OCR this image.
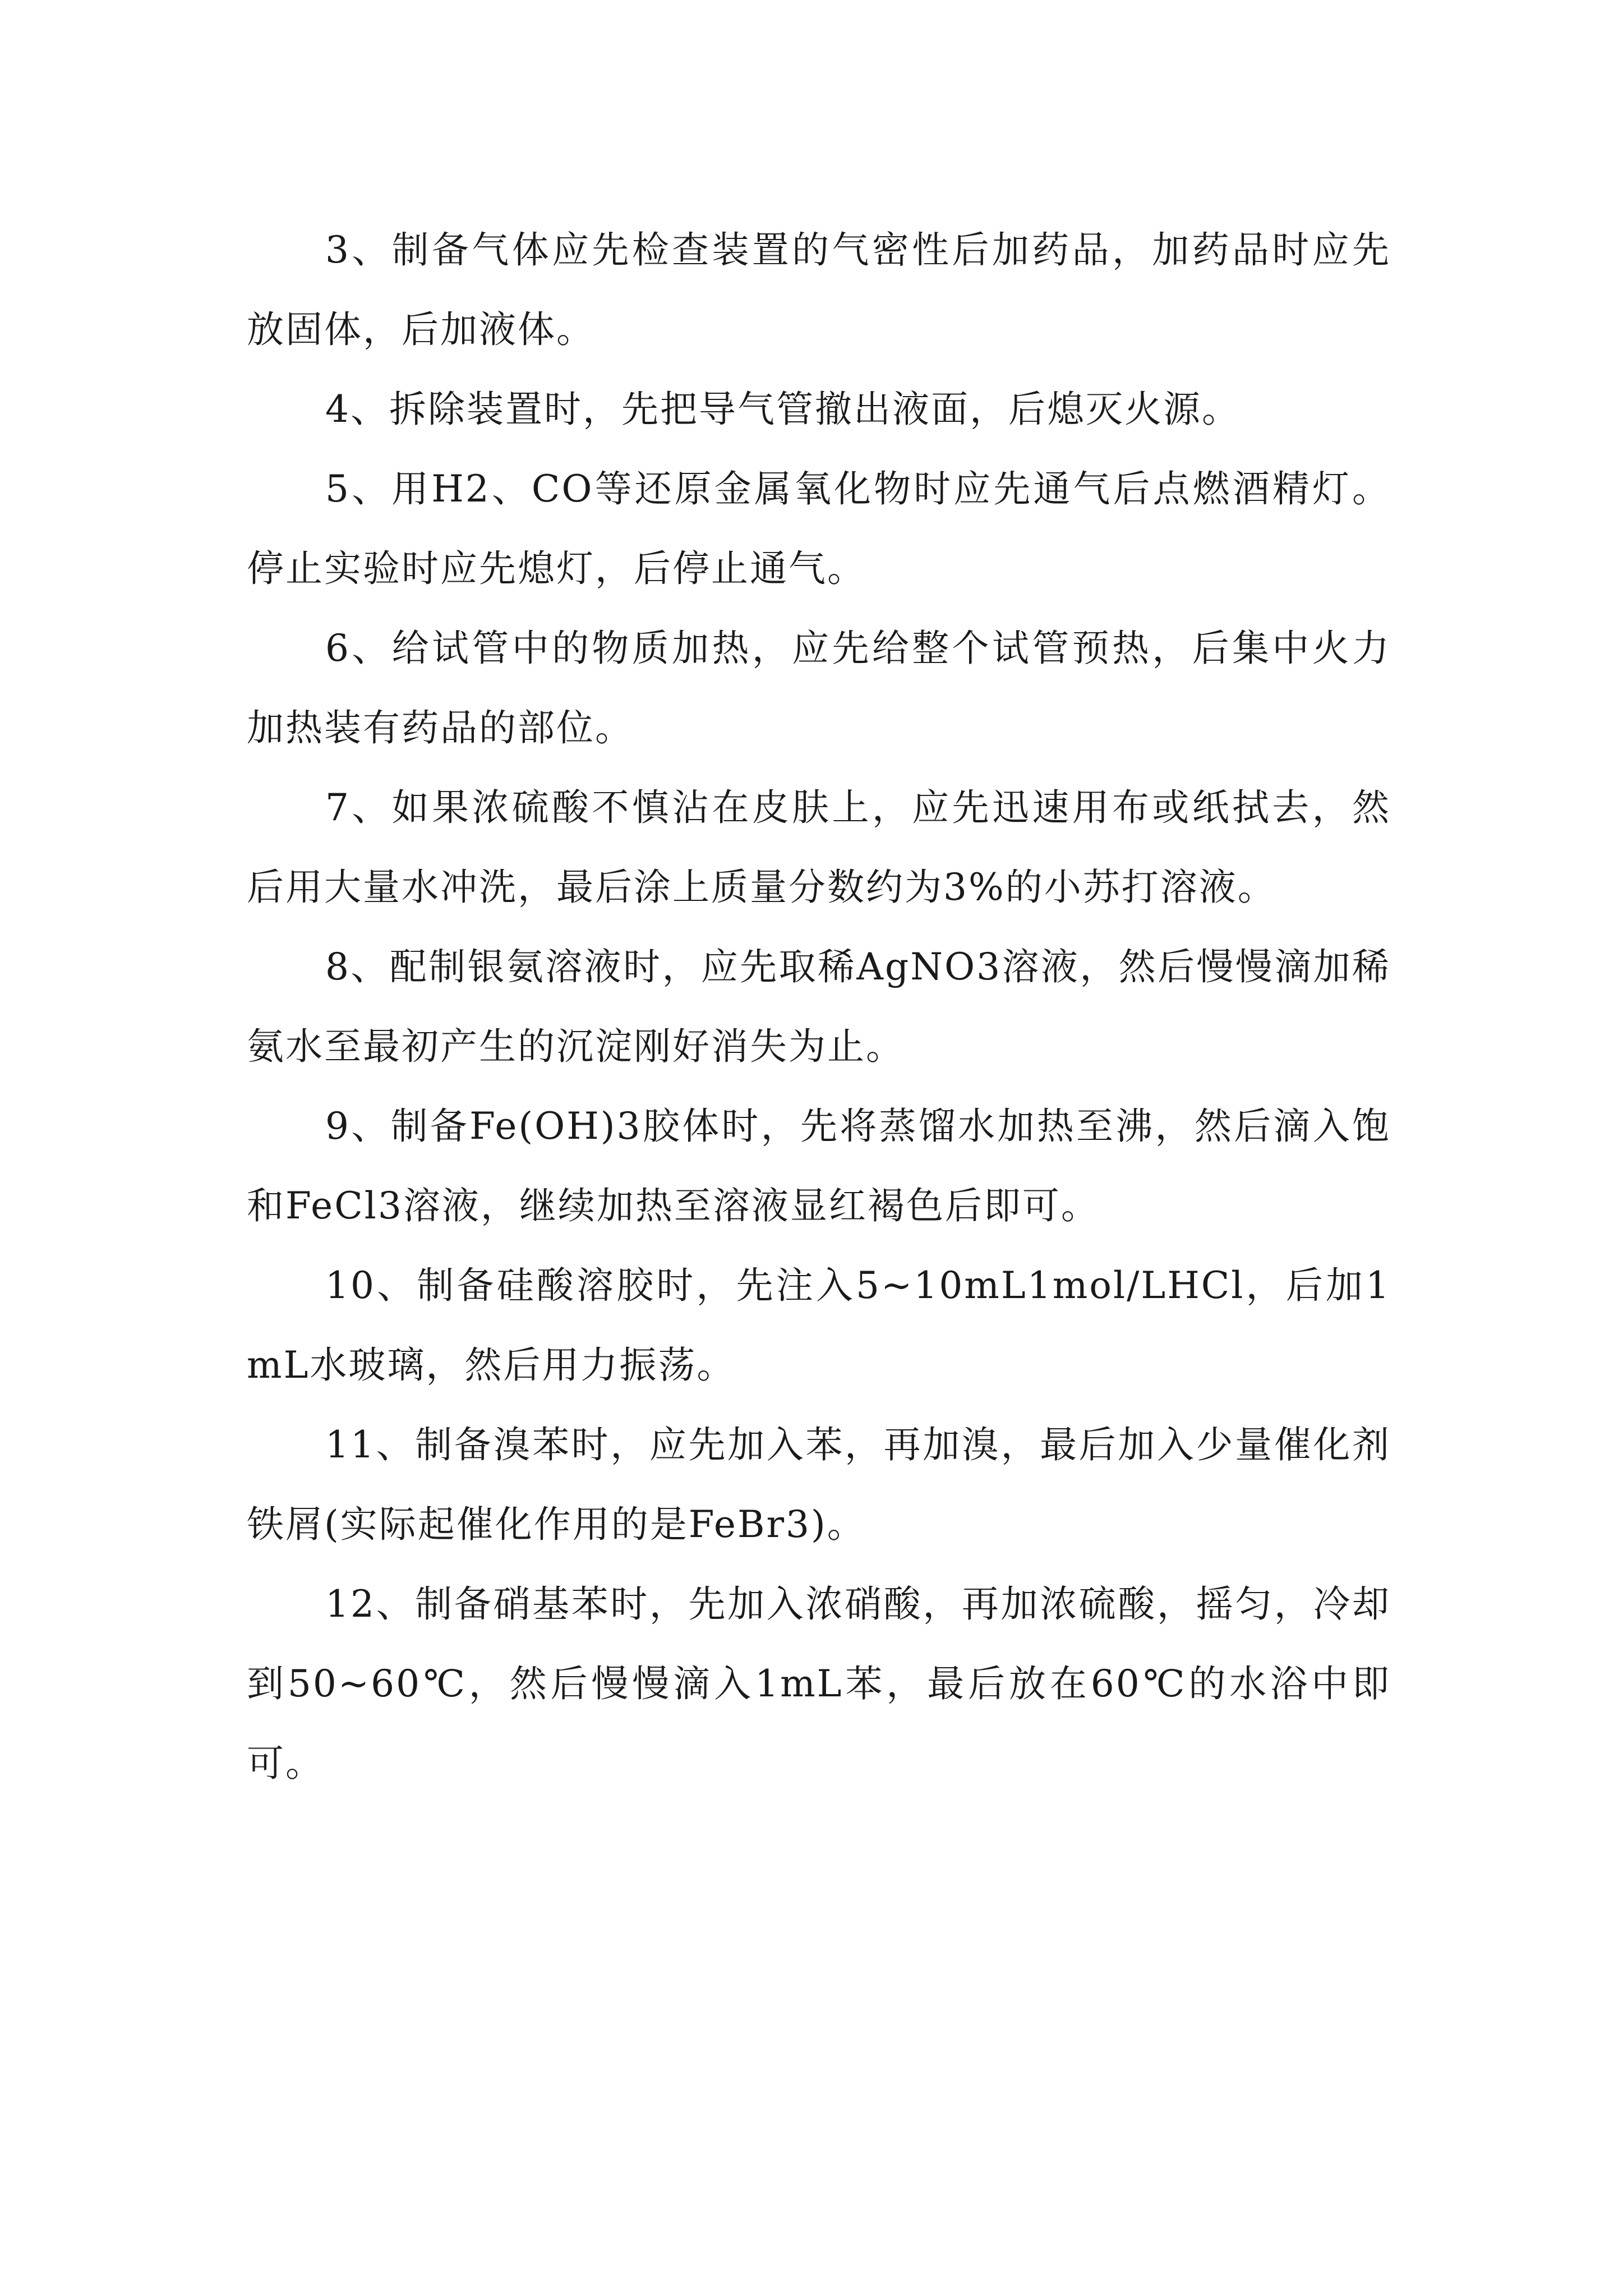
3、制备气体应先检查装置的气密性后加药品，加药品时应先放固体，后加液体。

4、拆除装置时，先把导气管撤出液面，后熄灭火源。

5、用H2、CO等还原金属氧化物时应先通气后点燃酒精灯。停止实验时应先熄灯，后停止通气。

6、给试管中的物质加热，应先给整个试管预热，后集中火力加热装有药品的部位。

7、如果浓硫酸不慎沾在皮肤上，应先迅速用布或纸拭去，然后用大量水冲洗，最后涂上质量分数约为3%的小苏打溶液。

8、配制银氨溶液时，应先取稀AgNO3溶液，然后慢慢滴加稀氨水至最初产生的沉淀刚好消失为止。

9、制备Fe(OH)3胶体时，先将蒸馏水加热至沸，然后滴入饱和FeCl3溶液，继续加热至溶液显红褐色后即可。

10、制备硅酸溶胶时，先注入5~10mL1mol/LHCl，后加1mL水玻璃，然后用力振荡。

11、制备溴苯时，应先加入苯，再加溴，最后加入少量催化剂铁屑(实际起催化作用的是FeBr3)。

12、制备硝基苯时，先加入浓硝酸，再加浓硫酸，摇匀，冷却到50~60℃，然后慢慢滴入1mL苯，最后放在60℃的水浴中即可。
